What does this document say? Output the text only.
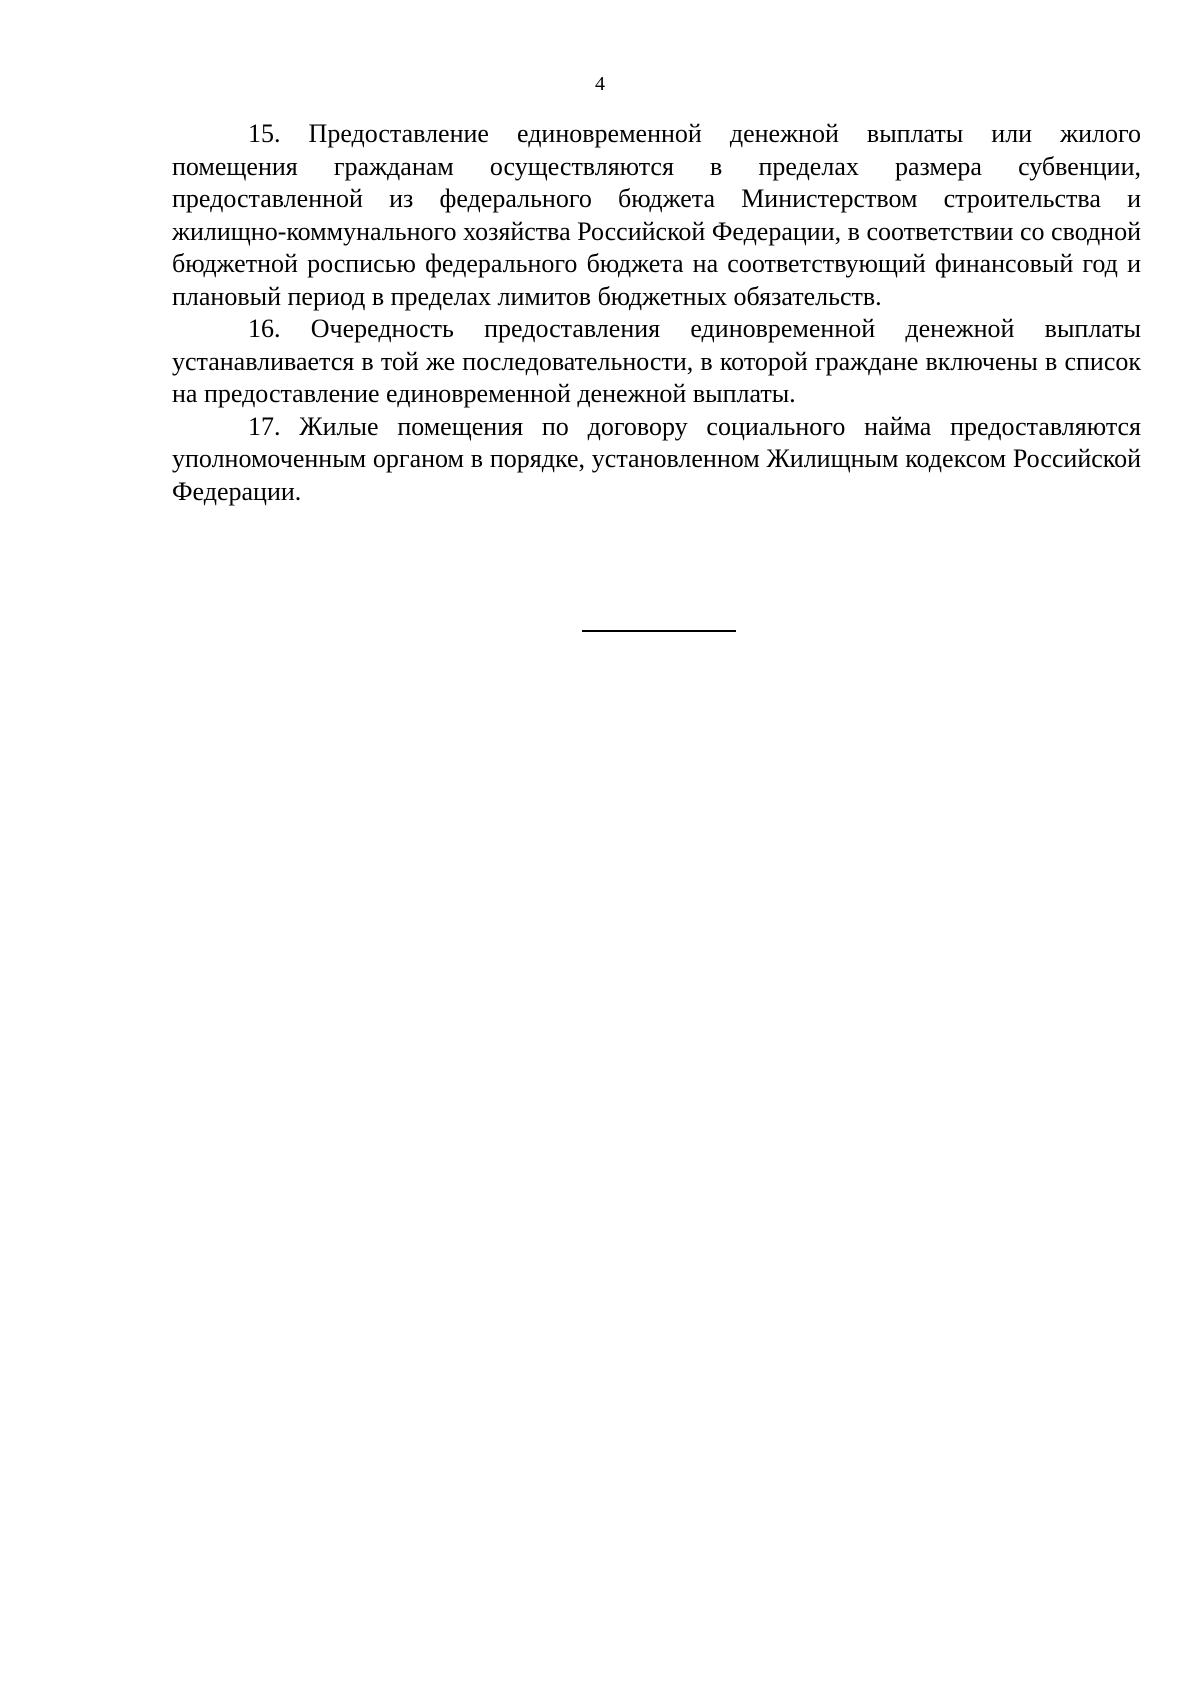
4

15. Предоставление единовременной денежной выплаты или жилого помещения гражданам осуществляются в пределах размера субвенции, предоставленной из федерального бюджета Министерством строительства и жилищно-коммунального хозяйства Российской Федерации, в соответствии со сводной бюджетной росписью федерального бюджета на соответствующий финансовый год и плановый период в пределах лимитов бюджетных обязательств.

16. Очередность предоставления единовременной денежной выплаты устанавливается в той же последовательности, в которой граждане включены в список на предоставление единовременной денежной выплаты.

17. Жилые помещения по договору социального найма предоставляются уполномоченным органом в порядке, установленном Жилищным кодексом Российской Федерации.
